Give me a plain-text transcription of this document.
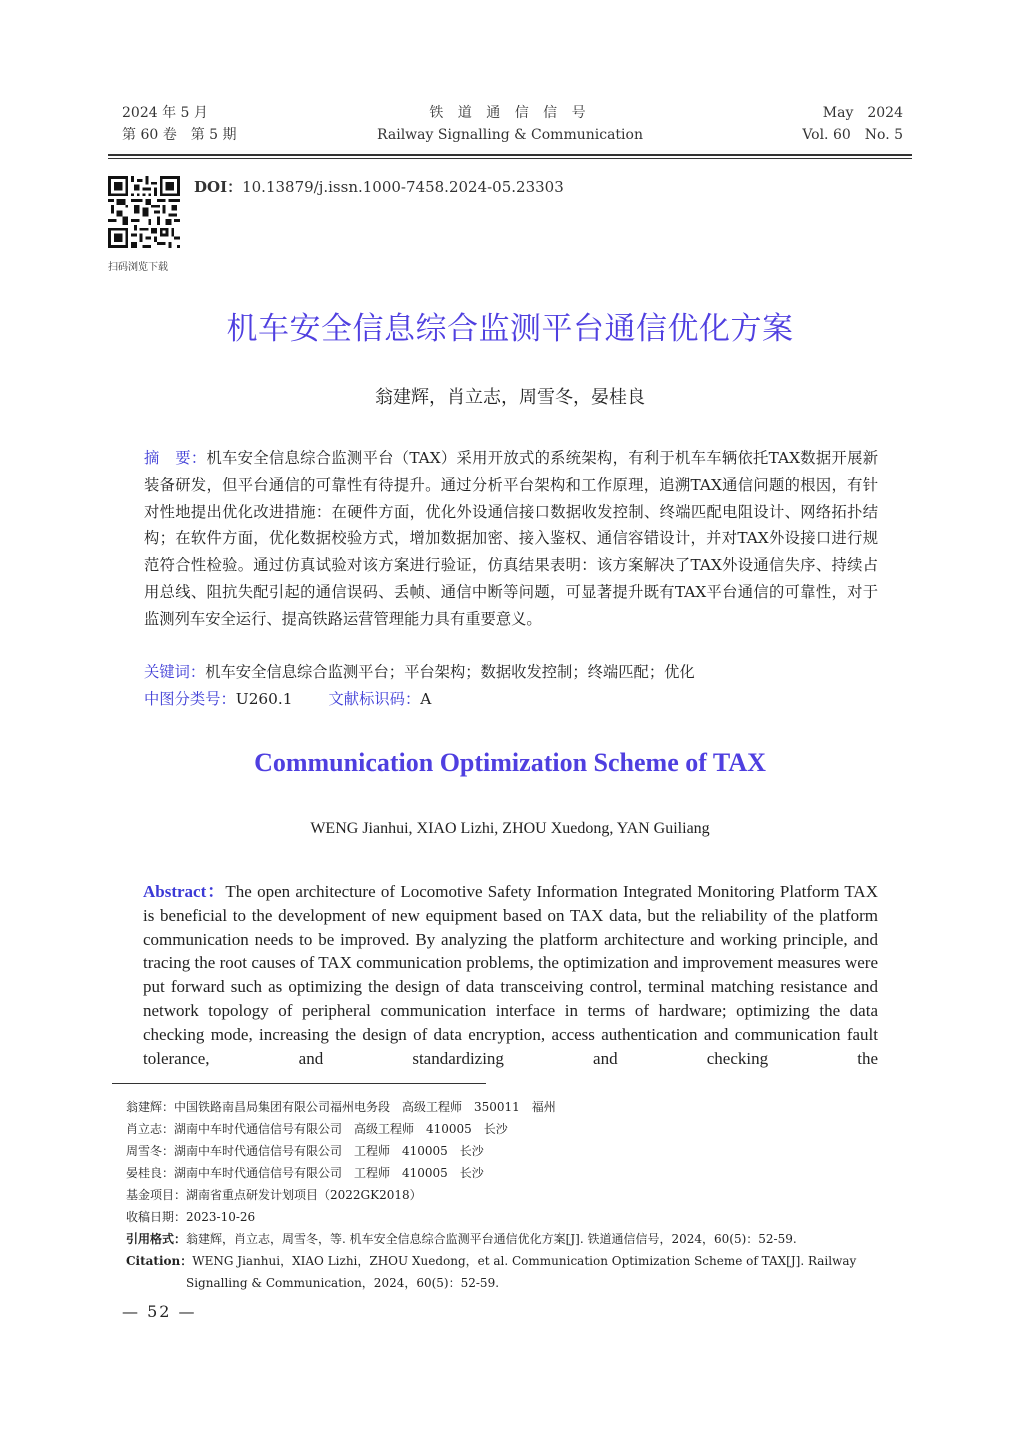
2024 年 5 月
第 60 卷　第 5 期
铁 道 通 信 信 号
Railway Signalling & Communication
May　2024
Vol. 60　No. 5
扫码浏览下载
DOI：10.13879/j.issn.1000-7458.2024-05.23303
机车安全信息综合监测平台通信优化方案
翁建辉，肖立志，周雪冬，晏桂良
摘　要：机车安全信息综合监测平台（TAX）采用开放式的系统架构，有利于机车车辆依托TAX数据开展新装备研发，但平台通信的可靠性有待提升。通过分析平台架构和工作原理，追溯TAX通信问题的根因，有针对性地提出优化改进措施：在硬件方面，优化外设通信接口数据收发控制、终端匹配电阻设计、网络拓扑结构；在软件方面，优化数据校验方式，增加数据加密、接入鉴权、通信容错设计，并对TAX外设接口进行规范符合性检验。通过仿真试验对该方案进行验证，仿真结果表明：该方案解决了TAX外设通信失序、持续占用总线、阻抗失配引起的通信误码、丢帧、通信中断等问题，可显著提升既有TAX平台通信的可靠性，对于监测列车安全运行、提高铁路运营管理能力具有重要意义。
关键词：机车安全信息综合监测平台；平台架构；数据收发控制；终端匹配；优化
中图分类号：U260.1 文献标识码：A
Communication Optimization Scheme of TAX
WENG Jianhui, XIAO Lizhi, ZHOU Xuedong, YAN Guiliang
Abstract：The open architecture of Locomotive Safety Information Integrated Monitoring Platform TAX is beneficial to the development of new equipment based on TAX data, but the reliability of the platform communication needs to be improved. By analyzing the platform architecture and working principle, and tracing the root causes of TAX communication problems, the optimization and improvement measures were put forward such as optimizing the design of data transceiving control, terminal matching resistance and network topology of peripheral communication interface in terms of hardware; optimizing the data checking mode, increasing the design of data encryption, access authentication and communication fault tolerance, and standardizing and checking the
翁建辉：中国铁路南昌局集团有限公司福州电务段　高级工程师　350011　福州
肖立志：湖南中车时代通信信号有限公司　高级工程师　410005　长沙
周雪冬：湖南中车时代通信信号有限公司　工程师　410005　长沙
晏桂良：湖南中车时代通信信号有限公司　工程师　410005　长沙
基金项目：湖南省重点研发计划项目（2022GK2018）
收稿日期：2023-10-26
引用格式：翁建辉，肖立志，周雪冬，等. 机车安全信息综合监测平台通信优化方案[J]. 铁道通信信号，2024，60(5)：52-59.
Citation：WENG Jianhui，XIAO Lizhi，ZHOU Xuedong，et al. Communication Optimization Scheme of TAX[J]. Railway Signalling & Communication，2024，60(5)：52-59.
— 52 —
